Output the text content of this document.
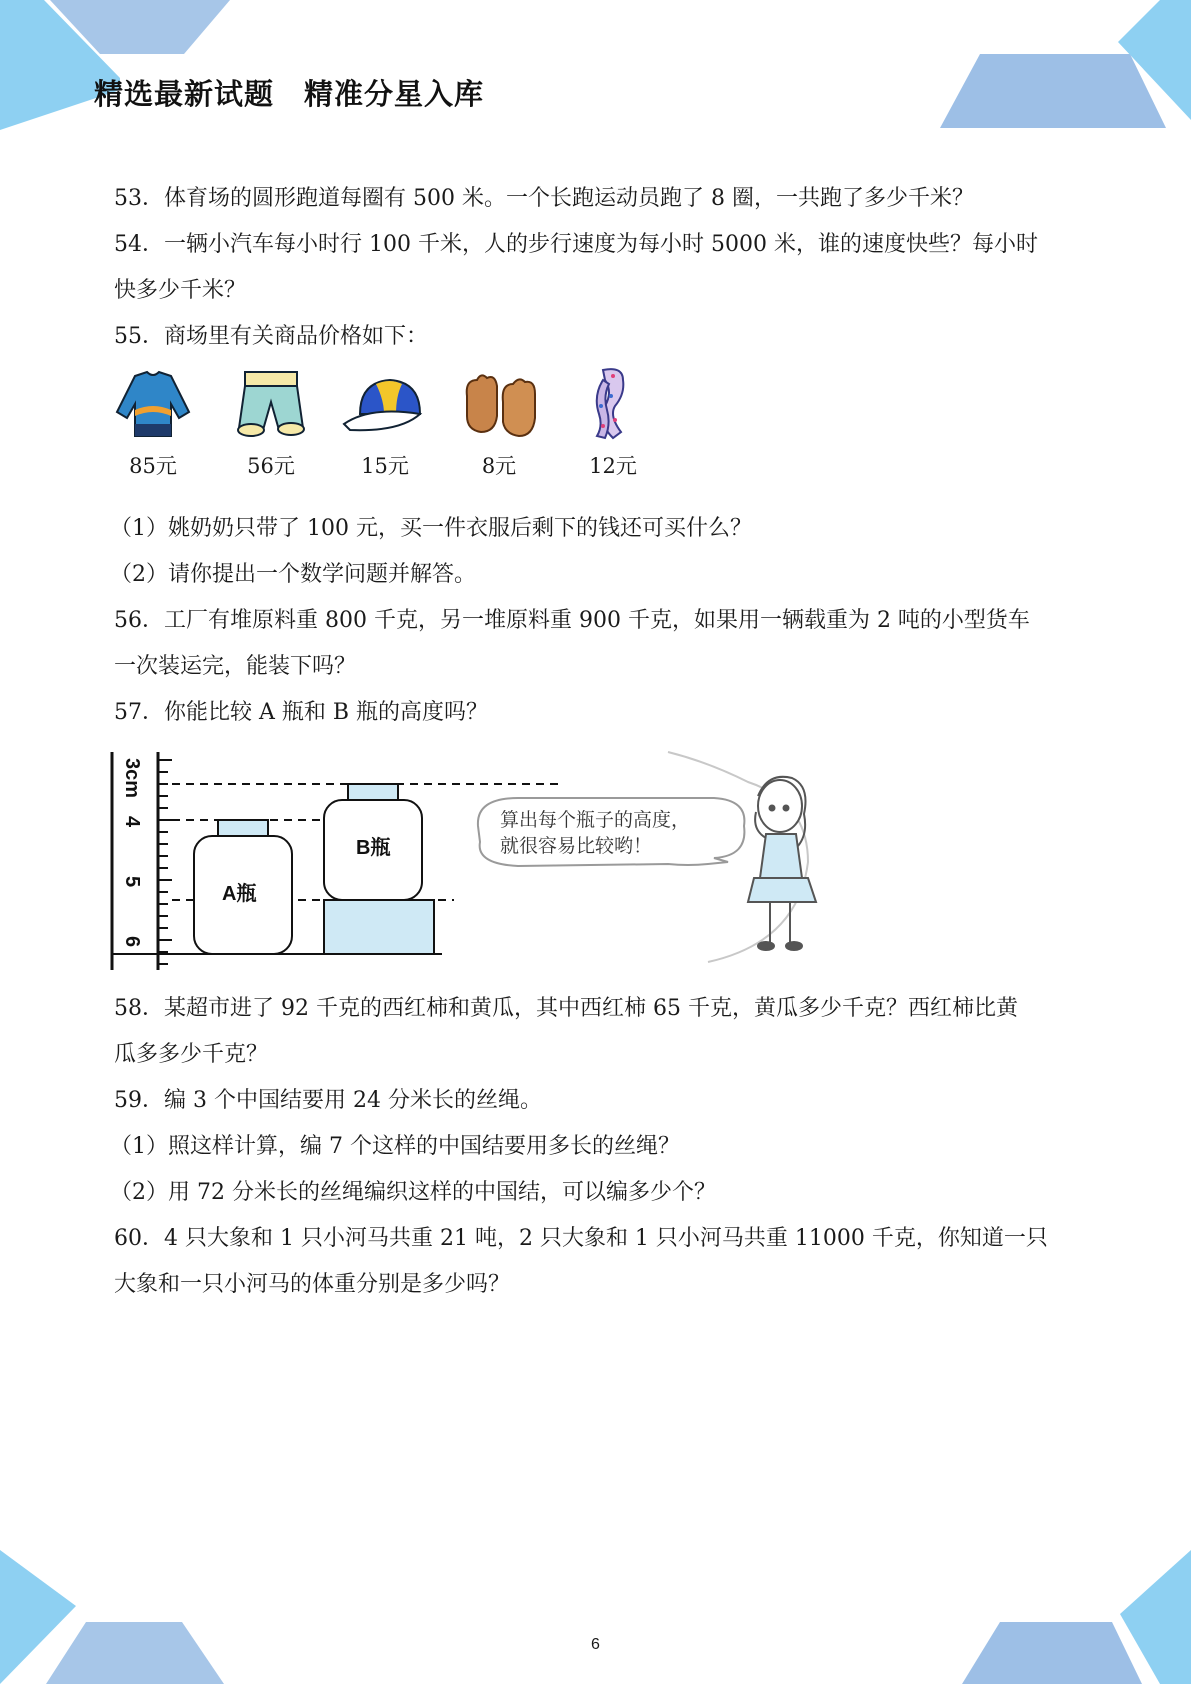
精选最新试题　精准分星入库

53．体育场的圆形跑道每圈有 500 米。一个长跑运动员跑了 8 圈，一共跑了多少千米？

54．一辆小汽车每小时行 100 千米，人的步行速度为每小时 5000 米，谁的速度快些？每小时

快多少千米？

55．商场里有关商品价格如下：

85元	56元	15元	8元	12元

（1）姚奶奶只带了 100 元，买一件衣服后剩下的钱还可买什么？

（2）请你提出一个数学问题并解答。

56．工厂有堆原料重 800 千克，另一堆原料重 900 千克，如果用一辆载重为 2 吨的小型货车

一次装运完，能装下吗？

57．你能比较 A 瓶和 B 瓶的高度吗？

3cm
4
5
6
A瓶
B瓶
算出每个瓶子的高度，
就很容易比较哟！

58．某超市进了 92 千克的西红柿和黄瓜，其中西红柿 65 千克，黄瓜多少千克？西红柿比黄

瓜多多少千克？

59．编 3 个中国结要用 24 分米长的丝绳。

（1）照这样计算，编 7 个这样的中国结要用多长的丝绳？

（2）用 72 分米长的丝绳编织这样的中国结，可以编多少个？

60．4 只大象和 1 只小河马共重 21 吨，2 只大象和 1 只小河马共重 11000 千克，你知道一只

大象和一只小河马的体重分别是多少吗？

6
